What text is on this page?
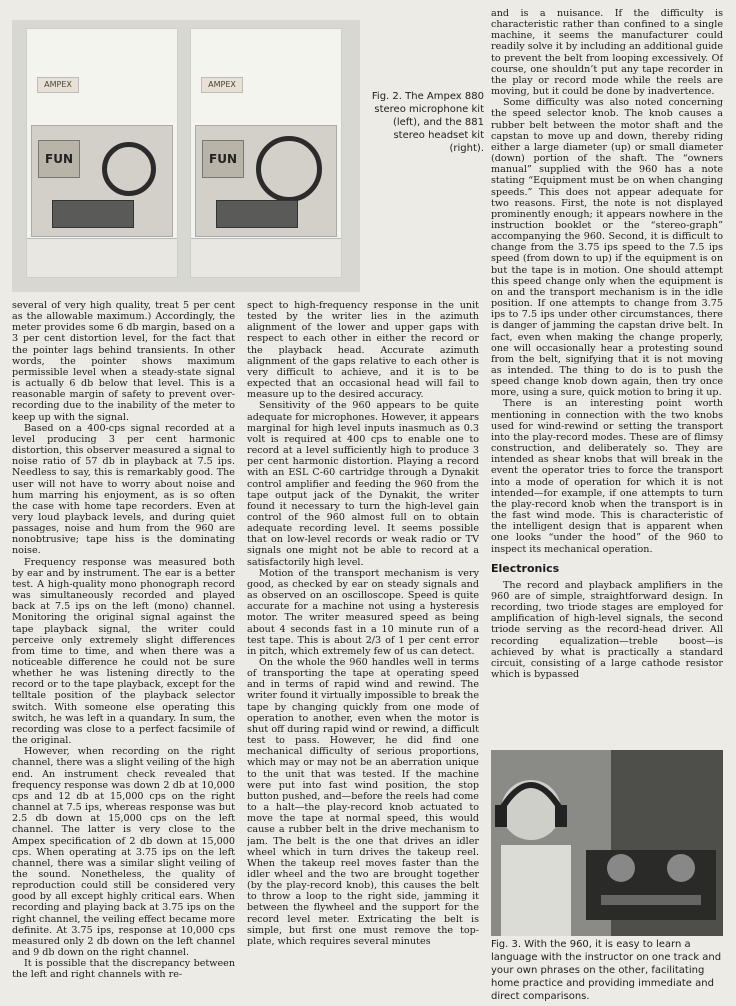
AMPEX
FUN
AMPEX
FUN
Fig. 2. The Ampex 880 stereo microphone kit (left), and the 881 stereo headset kit (right).

several of very high quality, treat 5 per cent as the allowable maximum.) Accordingly, the meter provides some 6 db margin, based on a 3 per cent distortion level, for the fact that the pointer lags behind transients. In other words, the pointer shows maximum permissible level when a steady-state signal is actually 6 db below that level. This is a reasonable margin of safety to prevent over-recording due to the inability of the meter to keep up with the signal.

Based on a 400-cps signal recorded at a level producing 3 per cent harmonic distortion, this observer measured a signal to noise ratio of 57 db in playback at 7.5 ips. Needless to say, this is remarkably good. The user will not have to worry about noise and hum marring his enjoyment, as is so often the case with home tape recorders. Even at very loud playback levels, and during quiet passages, noise and hum from the 960 are nonobtrusive; tape hiss is the dominating noise.

Frequency response was measured both by ear and by instrument. The ear is a better test. A high-quality mono phonograph record was simultaneously recorded and played back at 7.5 ips on the left (mono) channel. Monitoring the original signal against the tape playback signal, the writer could perceive only extremely slight differences from time to time, and when there was a noticeable difference he could not be sure whether he was listening directly to the record or to the tape playback, except for the telltale position of the playback selector switch. With someone else operating this switch, he was left in a quandary. In sum, the recording was close to a perfect facsimile of the original.

However, when recording on the right channel, there was a slight veiling of the high end. An instrument check revealed that frequency response was down 2 db at 10,000 cps and 12 db at 15,000 cps on the right channel at 7.5 ips, whereas response was but 2.5 db down at 15,000 cps on the left channel. The latter is very close to the Ampex specification of 2 db down at 15,000 cps. When operating at 3.75 ips on the left channel, there was a similar slight veiling of the sound. Nonetheless, the quality of reproduction could still be considered very good by all except highly critical ears. When recording and playing back at 3.75 ips on the right channel, the veiling effect became more definite. At 3.75 ips, response at 10,000 cps measured only 2 db down on the left channel and 9 db down on the right channel.

It is possible that the discrepancy between the left and right channels with re-

spect to high-frequency response in the unit tested by the writer lies in the azimuth alignment of the lower and upper gaps with respect to each other in either the record or the playback head. Accurate azimuth alignment of the gaps relative to each other is very difficult to achieve, and it is to be expected that an occasional head will fail to measure up to the desired accuracy.

Sensitivity of the 960 appears to be quite adequate for microphones. However, it appears marginal for high level inputs inasmuch as 0.3 volt is required at 400 cps to enable one to record at a level sufficiently high to produce 3 per cent harmonic distortion. Playing a record with an ESL C-60 cartridge through a Dynakit control amplifier and feeding the 960 from the tape output jack of the Dynakit, the writer found it necessary to turn the high-level gain control of the 960 almost full on to obtain adequate recording level. It seems possible that on low-level records or weak radio or TV signals one might not be able to record at a satisfactorily high level.

Motion of the transport mechanism is very good, as checked by ear on steady signals and as observed on an oscilloscope. Speed is quite accurate for a machine not using a hysteresis motor. The writer measured speed as being about 4 seconds fast in a 10 minute run of a test tape. This is about 2/3 of 1 per cent error in pitch, which extremely few of us can detect.

On the whole the 960 handles well in terms of transporting the tape at operating speed and in terms of rapid wind and rewind. The writer found it virtually impossible to break the tape by changing quickly from one mode of operation to another, even when the motor is shut off during rapid wind or rewind, a difficult test to pass. However, he did find one mechanical difficulty of serious proportions, which may or may not be an aberration unique to the unit that was tested. If the machine were put into fast wind position, the stop button pushed, and—before the reels had come to a halt—the play-record knob actuated to move the tape at normal speed, this would cause a rubber belt in the drive mechanism to jam. The belt is the one that drives an idler wheel which in turn drives the takeup reel. When the takeup reel moves faster than the idler wheel and the two are brought together (by the play-record knob), this causes the belt to throw a loop to the right side, jamming it between the flywheel and the support for the record level meter. Extricating the belt is simple, but first one must remove the top-plate, which requires several minutes

and is a nuisance. If the difficulty is characteristic rather than confined to a single machine, it seems the manufacturer could readily solve it by including an additional guide to prevent the belt from looping excessively. Of course, one shouldn’t put any tape recorder in the play or record mode while the reels are moving, but it could be done by inadvertence.

Some difficulty was also noted concerning the speed selector knob. The knob causes a rubber belt between the motor shaft and the capstan to move up and down, thereby riding either a large diameter (up) or small diameter (down) portion of the shaft. The “owners manual” supplied with the 960 has a note stating “Equipment must be on when changing speeds.” This does not appear adequate for two reasons. First, the note is not displayed prominently enough; it appears nowhere in the instruction booklet or the “stereo-graph” accompanying the 960. Second, it is difficult to change from the 3.75 ips speed to the 7.5 ips speed (from down to up) if the equipment is on but the tape is in motion. One should attempt this speed change only when the equipment is on and the transport mechanism is in the idle position. If one attempts to change from 3.75 ips to 7.5 ips under other circumstances, there is danger of jamming the capstan drive belt. In fact, even when making the change properly, one will occasionally hear a protesting sound from the belt, signifying that it is not moving as intended. The thing to do is to push the speed change knob down again, then try once more, using a sure, quick motion to bring it up.

There is an interesting point worth mentioning in connection with the two knobs used for wind-rewind or setting the transport into the play-record modes. These are of flimsy construction, and deliberately so. They are intended as shear knobs that will break in the event the operator tries to force the transport into a mode of operation for which it is not intended—for example, if one attempts to turn the play-record knob when the transport is in the fast wind mode. This is characteristic of the intelligent design that is apparent when one looks “under the hood” of the 960 to inspect its mechanical operation.

Electronics

The record and playback amplifiers in the 960 are of simple, straightforward design. In recording, two triode stages are employed for amplification of high-level signals, the second triode serving as the record-head driver. All recording equalization—treble boost—is achieved by what is practically a standard circuit, consisting of a large cathode resistor which is bypassed

Fig. 3. With the 960, it is easy to learn a language with the instructor on one track and your own phrases on the other, facilitating home practice and providing immediate and direct comparisons.
